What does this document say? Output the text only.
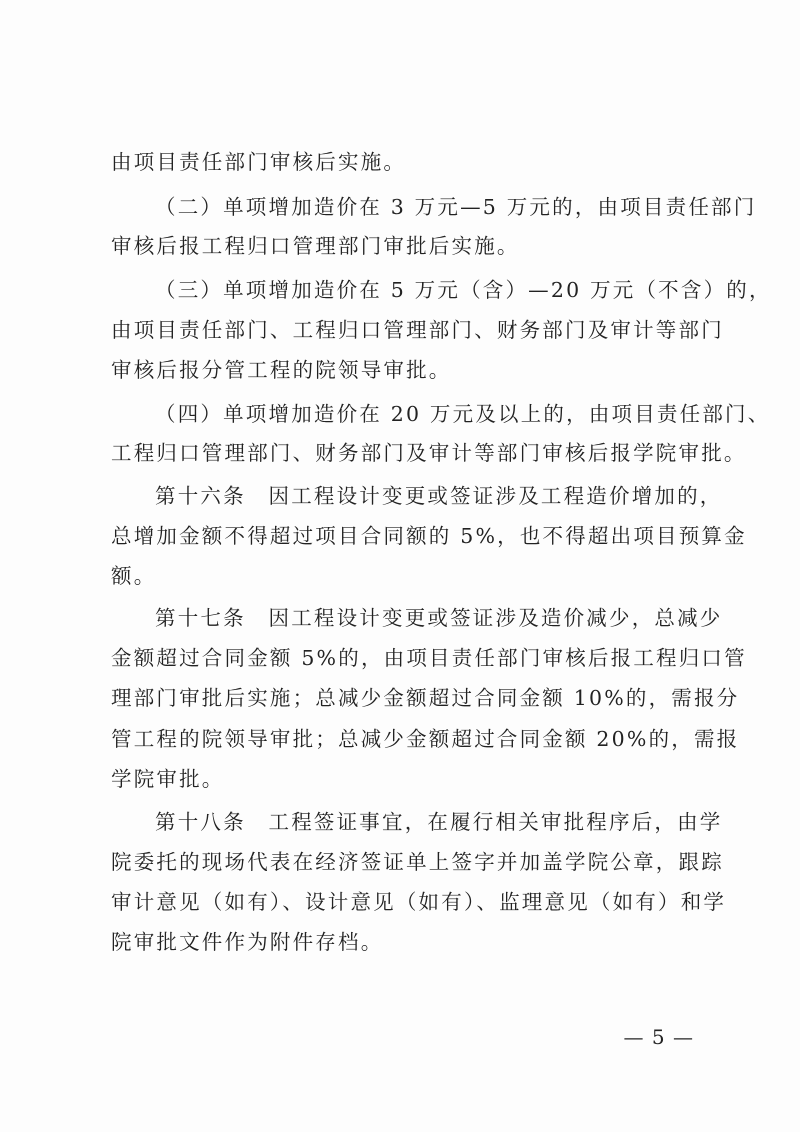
由项目责任部门审核后实施。
（二）单项增加造价在 3 万元—5 万元的，由项目责任部门
审核后报工程归口管理部门审批后实施。
（三）单项增加造价在 5 万元（含）—20 万元（不含）的，
由项目责任部门、工程归口管理部门、财务部门及审计等部门
审核后报分管工程的院领导审批。
（四）单项增加造价在 20 万元及以上的，由项目责任部门、
工程归口管理部门、财务部门及审计等部门审核后报学院审批。
第十六条　因工程设计变更或签证涉及工程造价增加的，
总增加金额不得超过项目合同额的 5%，也不得超出项目预算金
额。
第十七条　因工程设计变更或签证涉及造价减少，总减少
金额超过合同金额 5%的，由项目责任部门审核后报工程归口管
理部门审批后实施；总减少金额超过合同金额 10%的，需报分
管工程的院领导审批；总减少金额超过合同金额 20%的，需报
学院审批。
第十八条　工程签证事宜，在履行相关审批程序后，由学
院委托的现场代表在经济签证单上签字并加盖学院公章，跟踪
审计意见（如有）、设计意见（如有）、监理意见（如有）和学
院审批文件作为附件存档。
— 5 —
